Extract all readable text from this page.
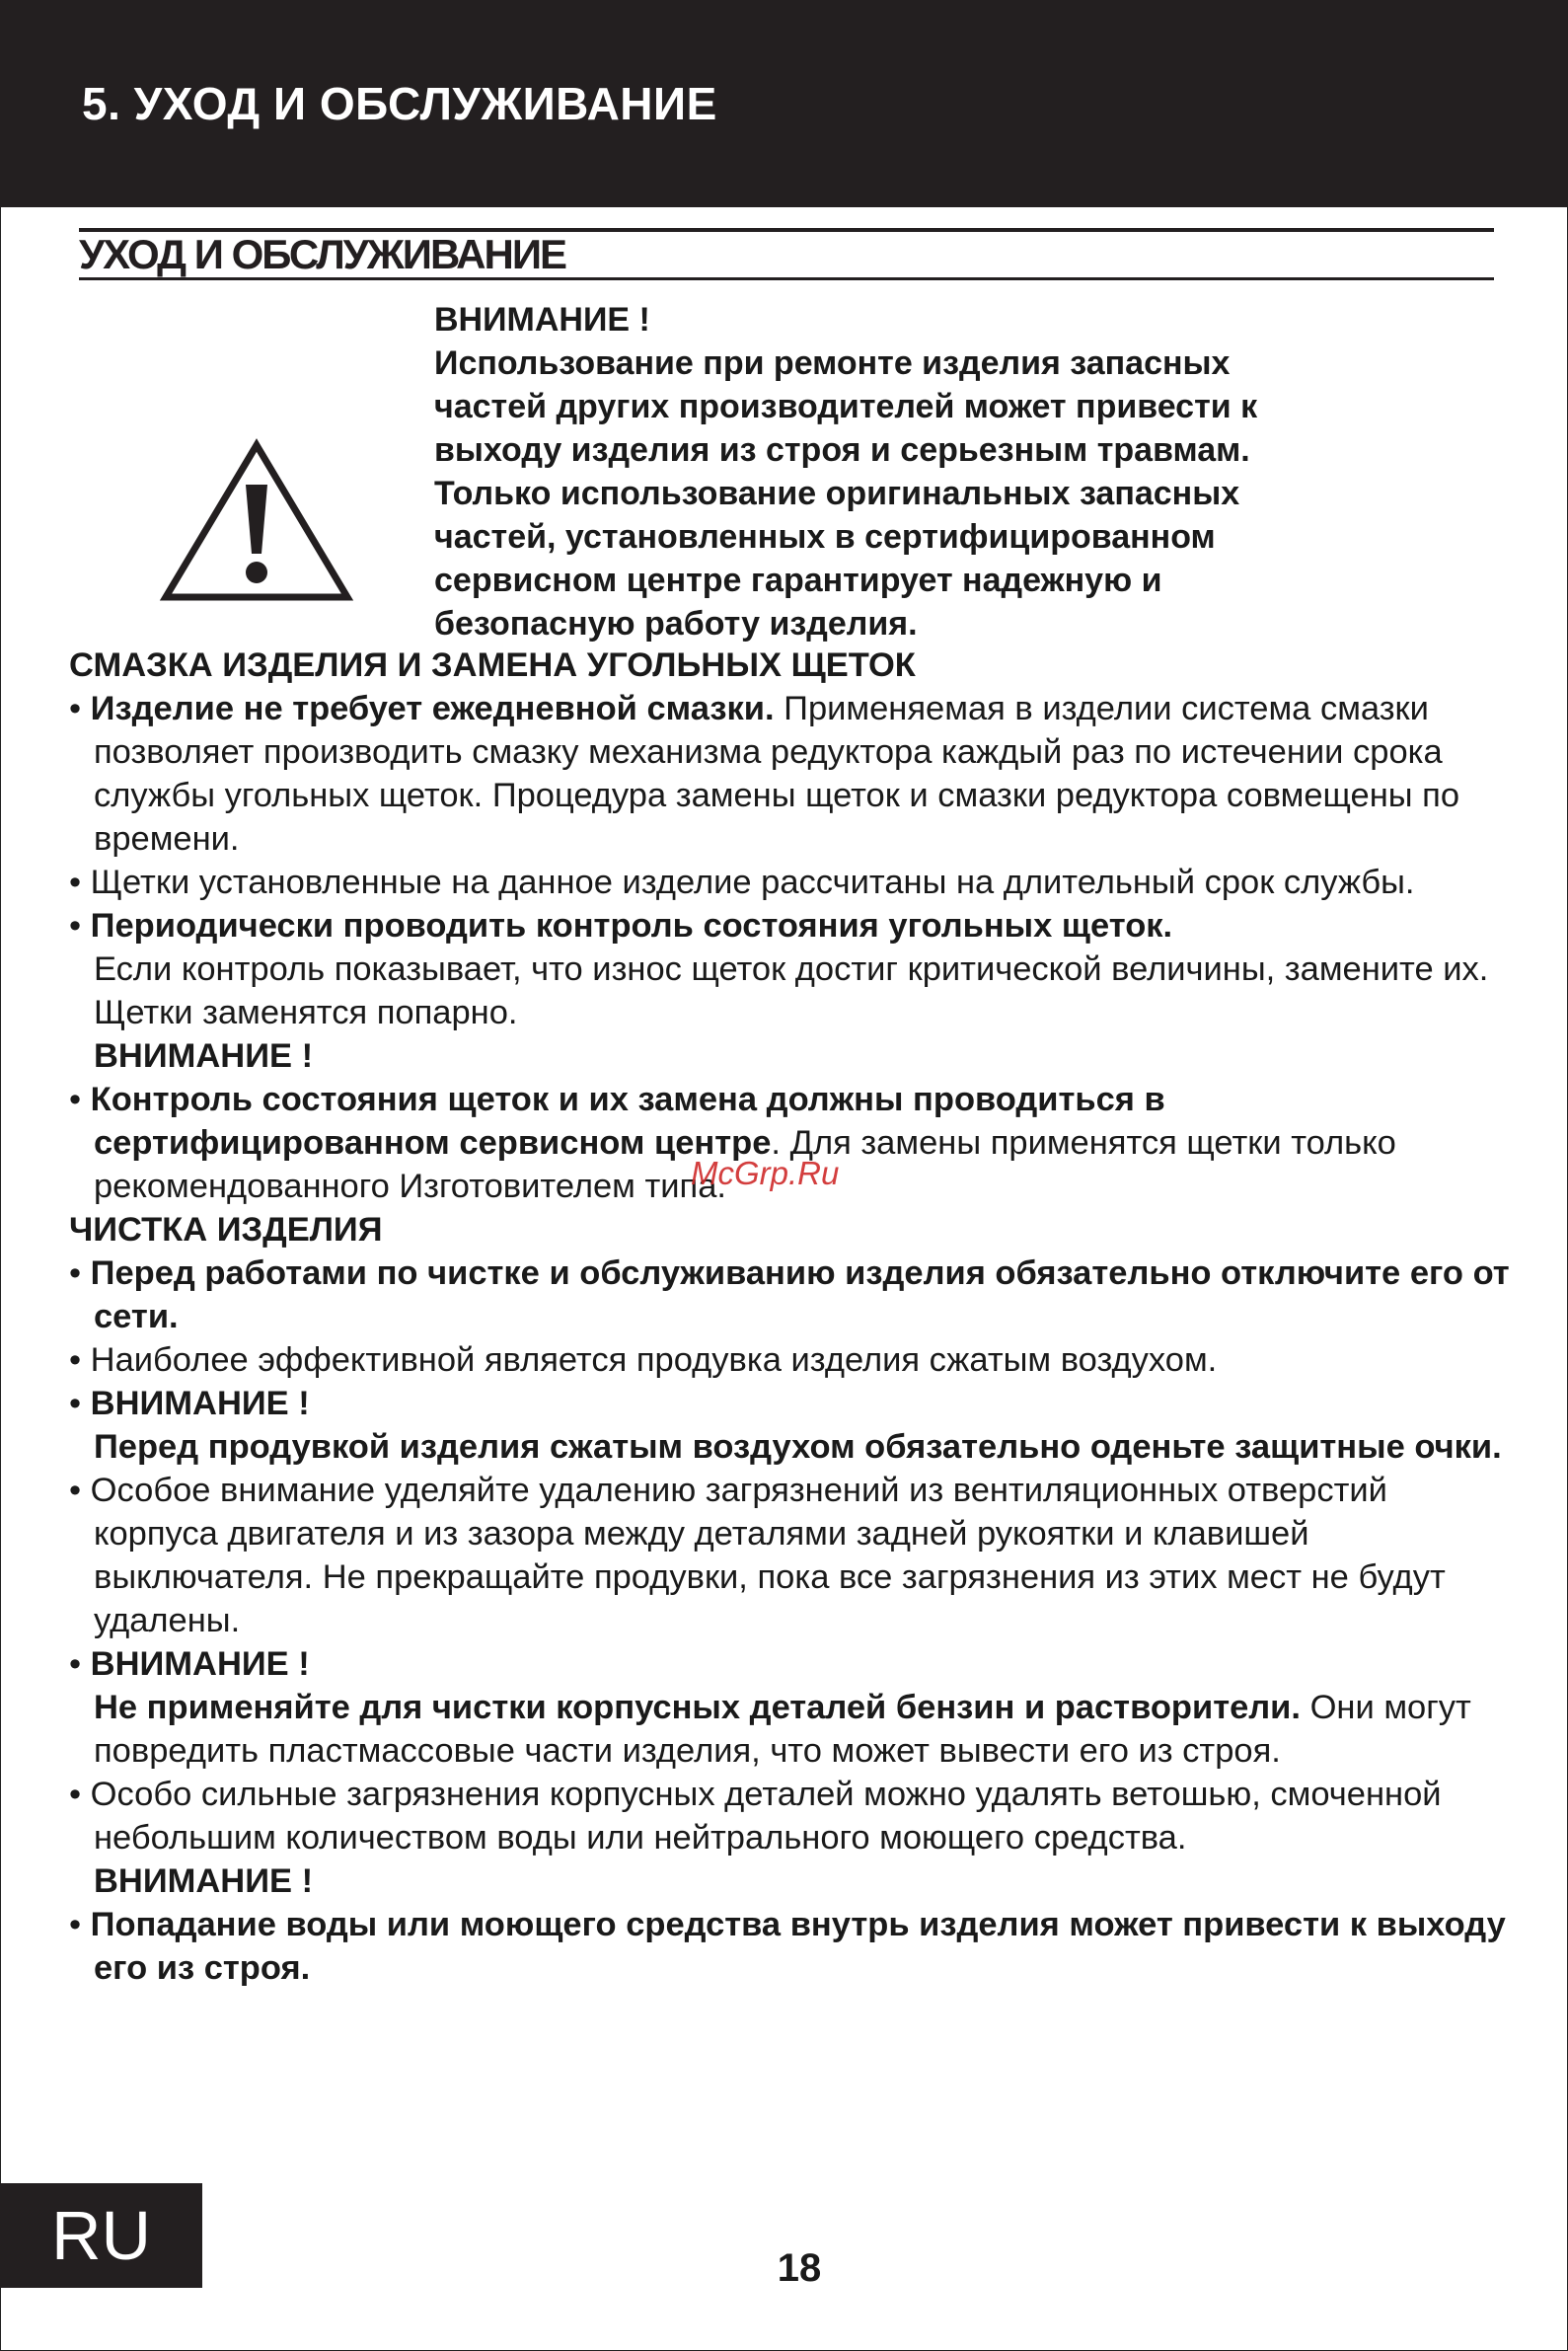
5. УХОД И ОБСЛУЖИВАНИЕ
УХОД И ОБСЛУЖИВАНИЕ
ВНИМАНИЕ !
Использование при ремонте изделия запасных
частей других производителей может привести к
выходу изделия из строя и серьезным травмам.
Только использование оригинальных запасных
частей, установленных в сертифицированном
сервисном центре гарантирует надежную и
безопасную работу изделия.

СМАЗКА ИЗДЕЛИЯ И ЗАМЕНА УГОЛЬНЫХ ЩЕТОК

• Изделие не требует ежедневной смазки. Применяемая в изделии система смазки позволяет производить смазку механизма редуктора каждый раз по истечении срока службы угольных щеток. Процедура замены щеток и смазки редуктора совмещены по времени.

• Щетки установленные на данное изделие рассчитаны на длительный срок службы.

• Периодически проводить контроль состояния угольных щеток.

Если контроль показывает, что износ щеток достиг критической величины, замените их. Щетки заменятся попарно.

ВНИМАНИЕ !

• Контроль состояния щеток и их замена должны проводиться в сертифицированном сервисном центре. Для замены применятся щетки только рекомендованного Изготовителем типа.

ЧИСТКА ИЗДЕЛИЯ

• Перед работами по чистке и обслуживанию изделия обязательно отключите его от сети.

• Наиболее эффективной является продувка изделия сжатым воздухом.

• ВНИМАНИЕ !

Перед продувкой изделия сжатым воздухом обязательно оденьте защитные очки.

• Особое внимание уделяйте удалению загрязнений из вентиляционных отверстий корпуса двигателя и из зазора между деталями задней рукоятки и клавишей выключателя. Не прекращайте продувки, пока все загрязнения из этих мест не будут удалены.

• ВНИМАНИЕ !

Не применяйте для чистки корпусных деталей бензин и растворители. Они могут повредить пластмассовые части изделия, что может вывести его из строя.

• Особо сильные загрязнения корпусных деталей можно удалять ветошью, смоченной небольшим количеством воды или нейтрального моющего средства.

ВНИМАНИЕ !

• Попадание воды или моющего средства внутрь изделия может привести к выходу его из строя.

McGrp.Ru
RU	18
